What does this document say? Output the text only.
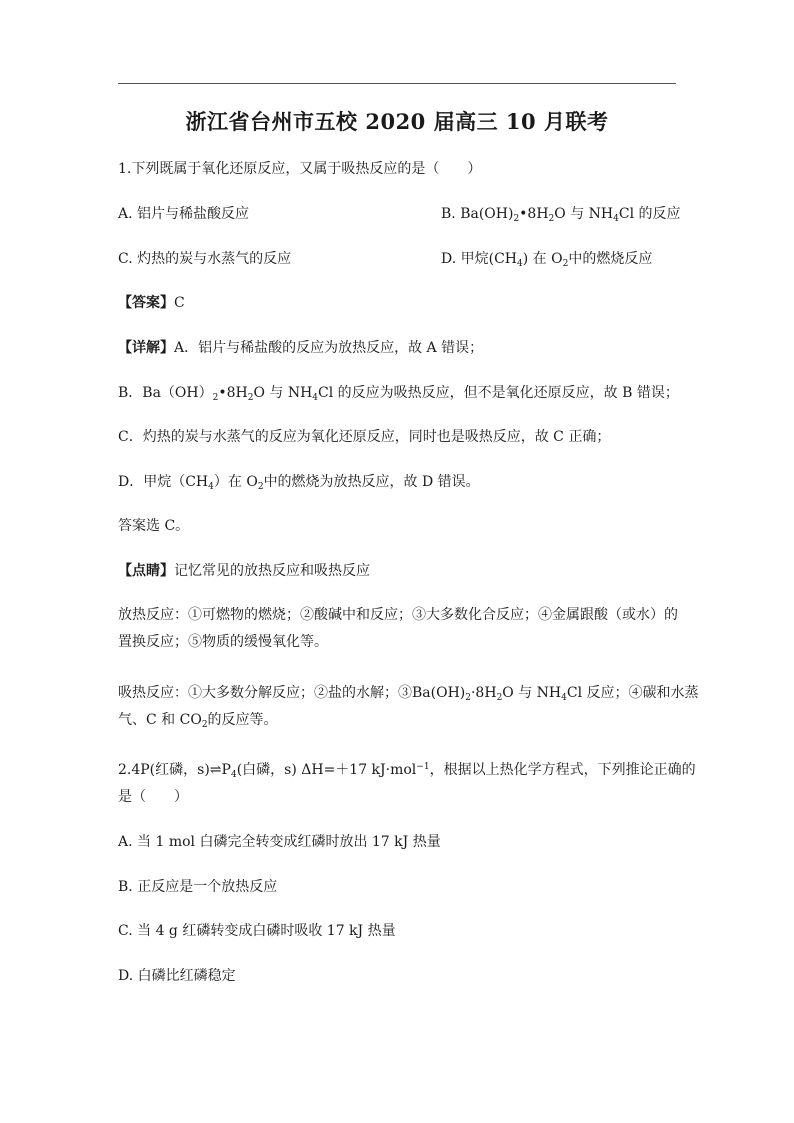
浙江省台州市五校 2020 届高三 10 月联考
1.下列既属于氧化还原反应，又属于吸热反应的是（　　）
A. 铝片与稀盐酸反应	B. $Ba(OH)_2•8H_2O$ 与 $NH_4Cl$ 的反应
C. 灼热的炭与水蒸气的反应	D. 甲烷$(CH_4)$ 在 $O_2$中的燃烧反应
【答案】C
【详解】A．铝片与稀盐酸的反应为放热反应，故 A 错误；
B．$Ba(OH)_2•8H_2O$ 与 $NH_4Cl$ 的反应为吸热反应，但不是氧化还原反应，故 B 错误；
C．灼热的炭与水蒸气的反应为氧化还原反应，同时也是吸热反应，故 C 正确；
D．甲烷$(CH_4)$在 $O_2$中的燃烧为放热反应，故 D 错误。
答案选 C。
【点睛】记忆常见的放热反应和吸热反应
放热反应：①可燃物的燃烧；②酸碱中和反应；③大多数化合反应；④金属跟酸（或水）的
置换反应；⑤物质的缓慢氧化等。
吸热反应：①大多数分解反应；②盐的水解；$③Ba(OH)_2\cdot 8H_2O$ 与 $NH_4Cl$ 反应；④碳和水蒸
气、C 和 $CO_2$的反应等。
2.4P(红磷，$s)\rightleftharpoons P_4$(白磷，s) ΔH=＋17 kJ·mol$^{-1}$，根据以上热化学方程式，下列推论正确的
是（　　）
A. 当 1 mol 白磷完全转变成红磷时放出 17 kJ 热量
B. 正反应是一个放热反应
C. 当 4 g 红磷转变成白磷时吸收 17 kJ 热量
D. 白磷比红磷稳定
